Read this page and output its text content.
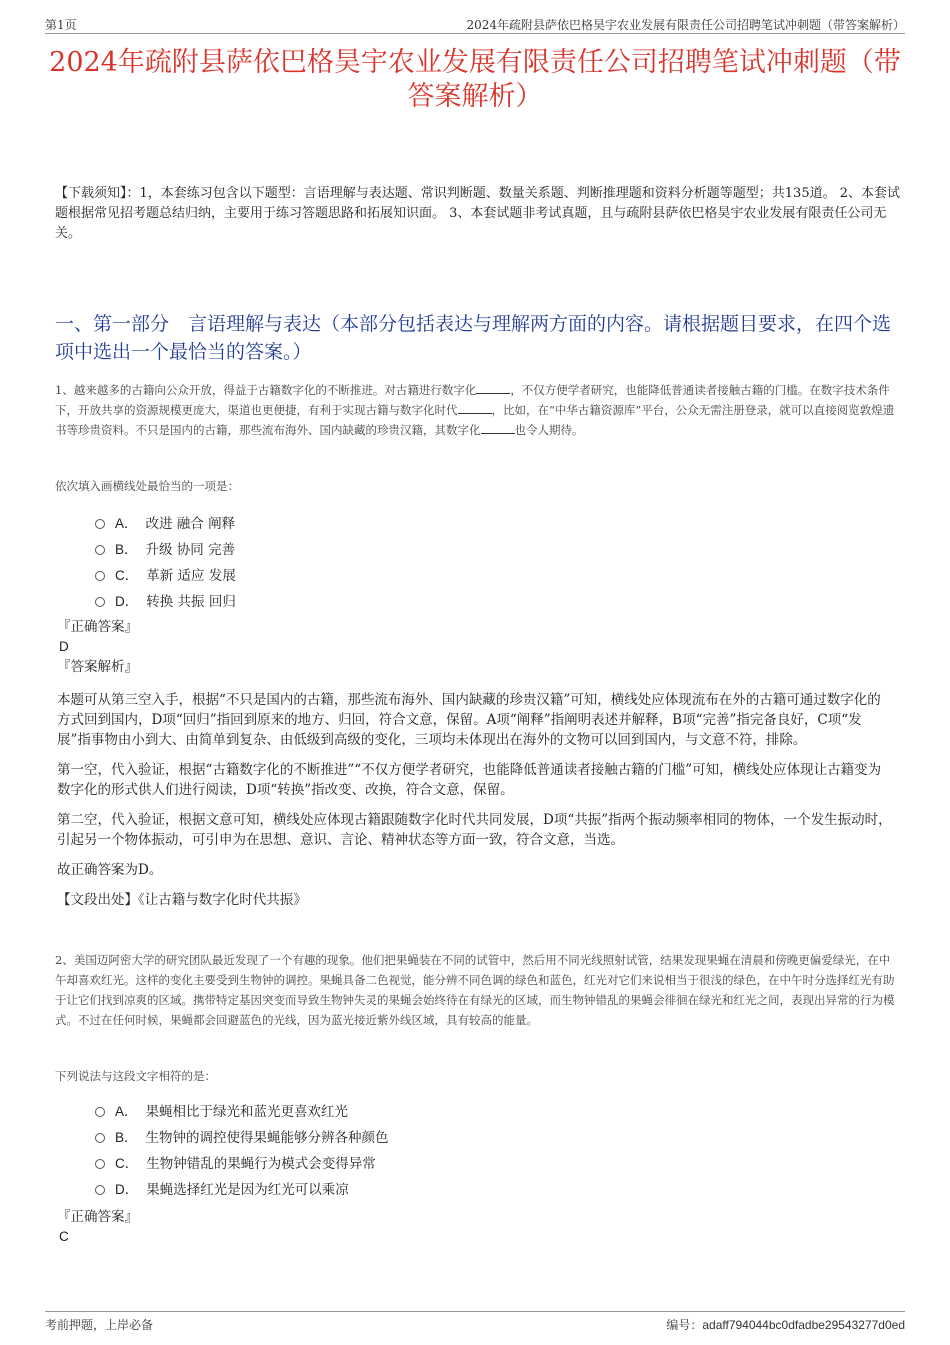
第1页	2024年疏附县萨依巴格昊宇农业发展有限责任公司招聘笔试冲刺题（带答案解析）
2024年疏附县萨依巴格昊宇农业发展有限责任公司招聘笔试冲刺题（带答案解析）
【下载须知】：1，本套练习包含以下题型：言语理解与表达题、常识判断题、数量关系题、判断推理题和资料分析题等题型；共135道。 2、本套试题根据常见招考题总结归纳，主要用于练习答题思路和拓展知识面。 3、本套试题非考试真题，且与疏附县萨依巴格昊宇农业发展有限责任公司无关。
一、第一部分　言语理解与表达（本部分包括表达与理解两方面的内容。请根据题目要求，在四个选项中选出一个最恰当的答案。）
1、越来越多的古籍向公众开放，得益于古籍数字化的不断推进。对古籍进行数字化	，不仅方便学者研究，也能降低普通读者接触古籍的门槛。在数字技术条件下，开放共享的资源规模更庞大，渠道也更便捷，有利于实现古籍与数字化时代	，比如，在“中华古籍资源库”平台，公众无需注册登录，就可以直接阅览敦煌遗书等珍贵资料。不只是国内的古籍，那些流布海外、国内缺藏的珍贵汉籍，其数字化	也令人期待。
依次填入画横线处最恰当的一项是：
A． 改进 融合 阐释
B． 升级 协同 完善
C． 革新 适应 发展
D． 转换 共振 回归
『正确答案』
D
『答案解析』

本题可从第三空入手，根据“不只是国内的古籍，那些流布海外、国内缺藏的珍贵汉籍”可知，横线处应体现流布在外的古籍可通过数字化的方式回到国内，D项“回归”指回到原来的地方、归回，符合文意，保留。A项“阐释”指阐明表述并解释，B项“完善”指完备良好，C项“发展”指事物由小到大、由简单到复杂、由低级到高级的变化，三项均未体现出在海外的文物可以回到国内，与文意不符，排除。

第一空，代入验证，根据“古籍数字化的不断推进”“不仅方便学者研究，也能降低普通读者接触古籍的门槛”可知，横线处应体现让古籍变为数字化的形式供人们进行阅读，D项“转换”指改变、改换，符合文意，保留。

第二空，代入验证，根据文意可知，横线处应体现古籍跟随数字化时代共同发展，D项“共振”指两个振动频率相同的物体，一个发生振动时，引起另一个物体振动，可引申为在思想、意识、言论、精神状态等方面一致，符合文意，当选。

故正确答案为D。

【文段出处】《让古籍与数字化时代共振》

2、美国迈阿密大学的研究团队最近发现了一个有趣的现象。他们把果蝇装在不同的试管中，然后用不同光线照射试管，结果发现果蝇在清晨和傍晚更偏爱绿光，在中午却喜欢红光。这样的变化主要受到生物钟的调控。果蝇具备二色视觉，能分辨不同色调的绿色和蓝色，红光对它们来说相当于很浅的绿色，在中午时分选择红光有助于让它们找到凉爽的区域。携带特定基因突变而导致生物钟失灵的果蝇会始终待在有绿光的区域，而生物钟错乱的果蝇会徘徊在绿光和红光之间，表现出异常的行为模式。不过在任何时候，果蝇都会回避蓝色的光线，因为蓝光接近紫外线区域，具有较高的能量。
下列说法与这段文字相符的是：
A． 果蝇相比于绿光和蓝光更喜欢红光
B． 生物钟的调控使得果蝇能够分辨各种颜色
C． 生物钟错乱的果蝇行为模式会变得异常
D． 果蝇选择红光是因为红光可以乘凉
『正确答案』
C
考前押题，上岸必备	编号：adaff794044bc0dfadbe29543277d0ed
